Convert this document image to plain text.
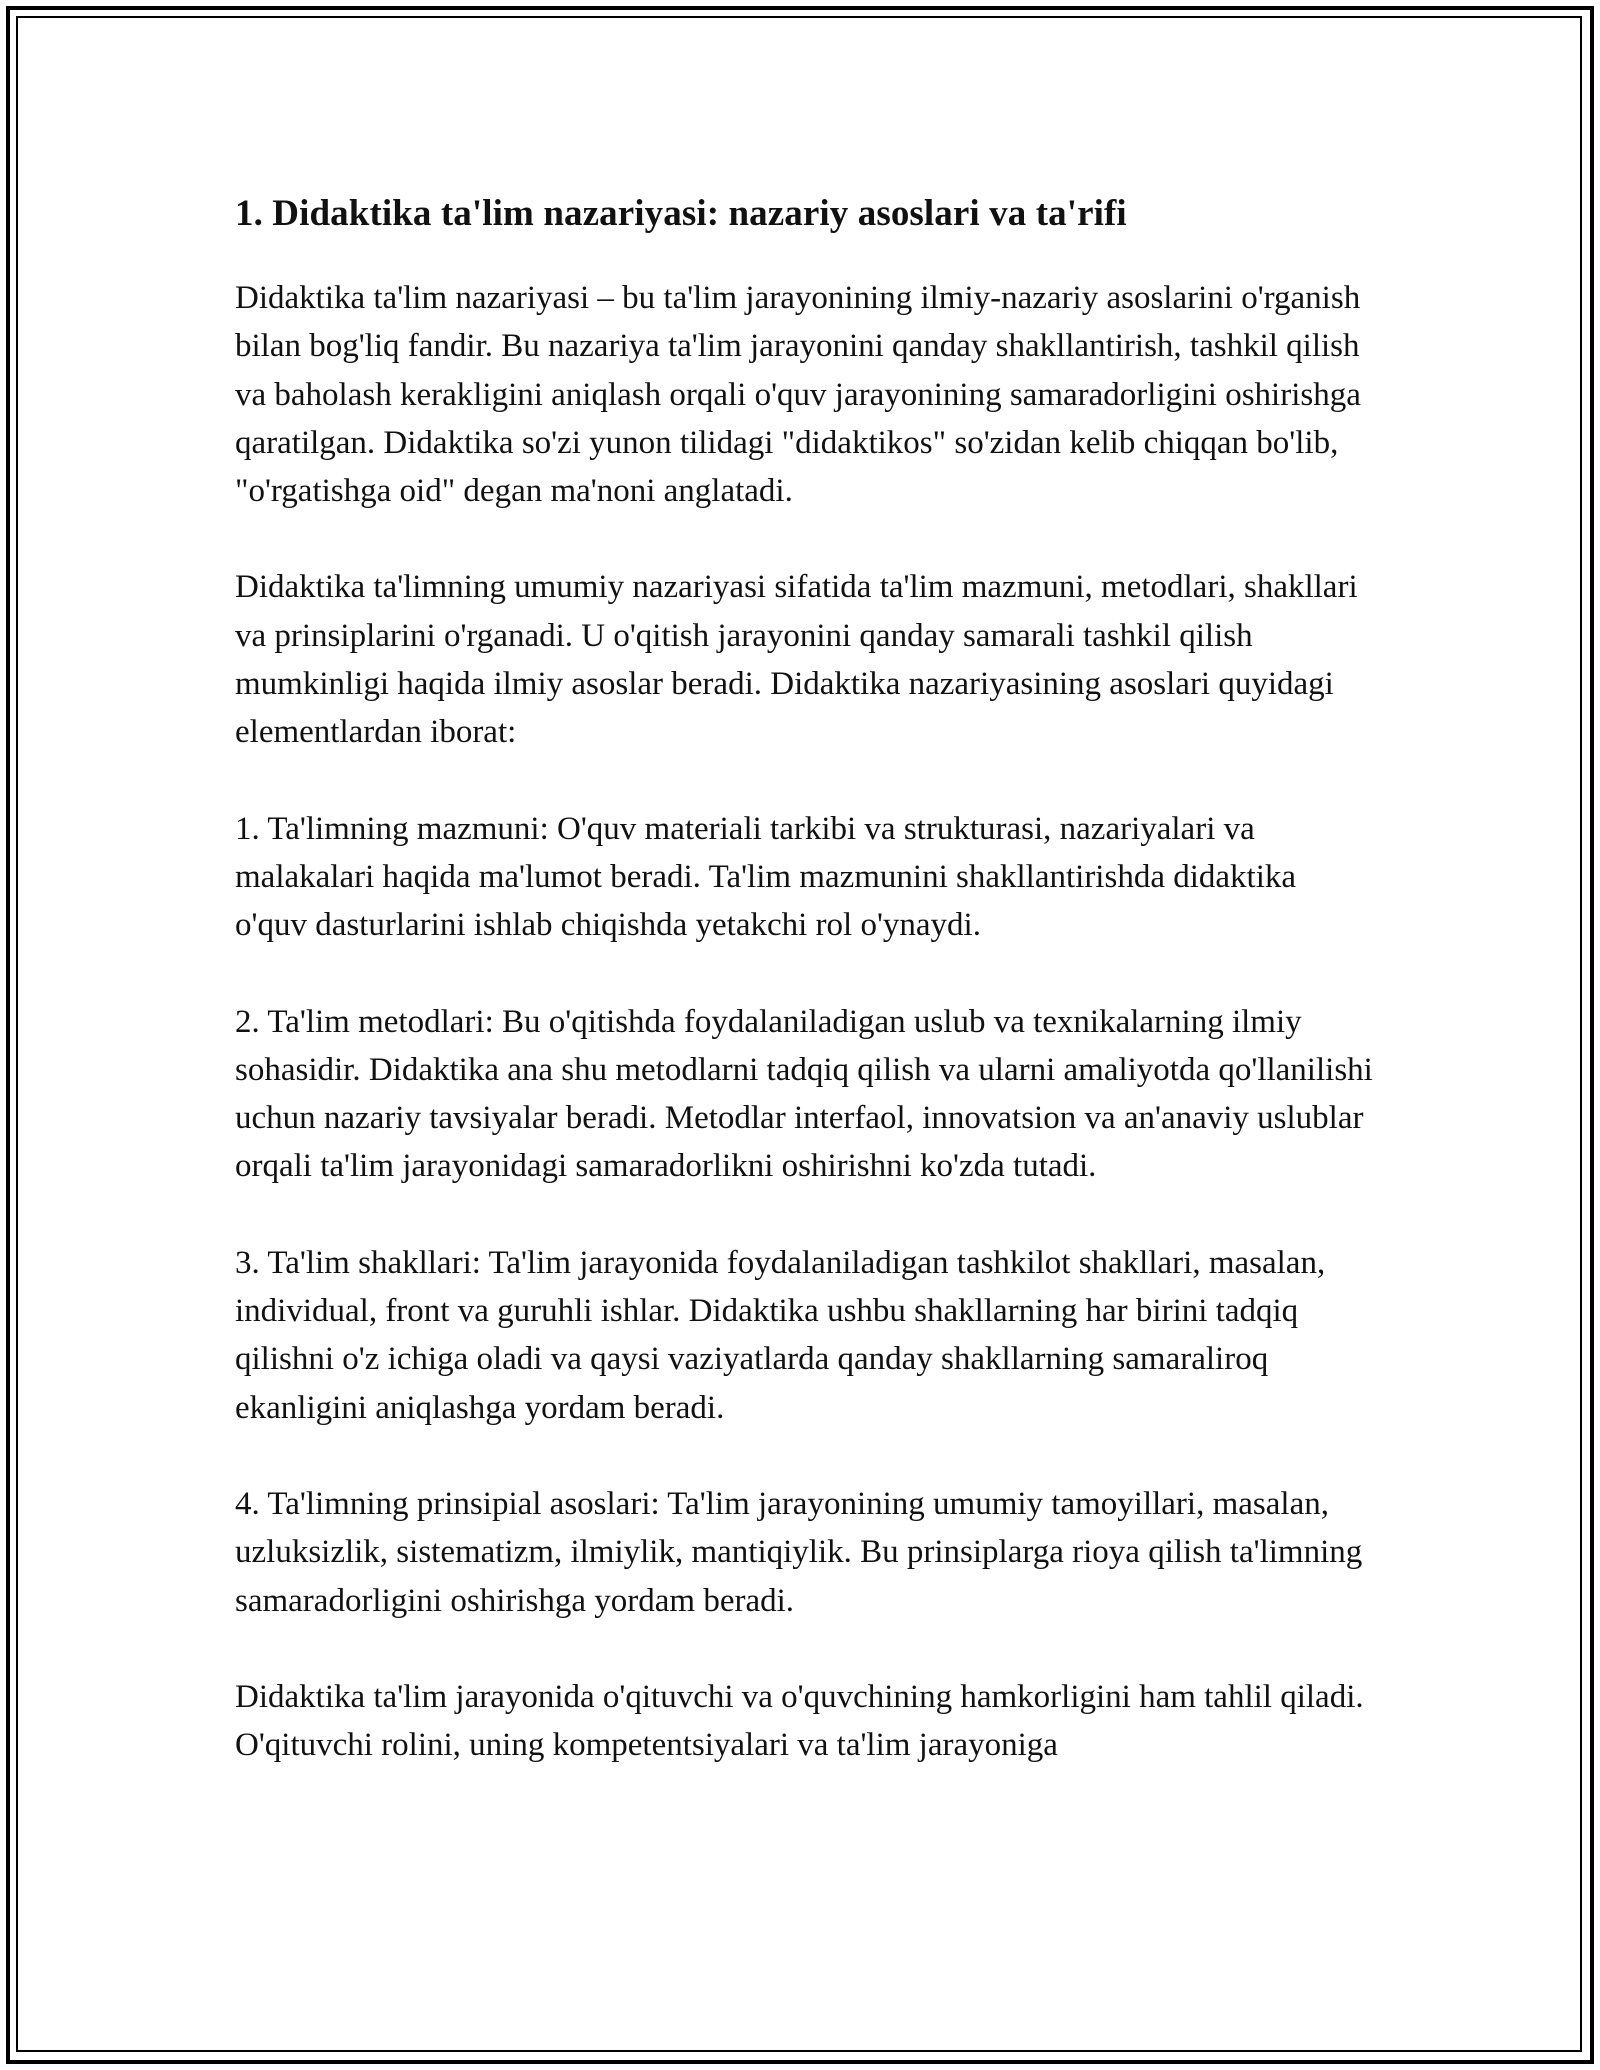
1. Didaktika ta'lim nazariyasi: nazariy asoslari va ta'rifi

Didaktika ta'lim nazariyasi – bu ta'lim jarayonining ilmiy-nazariy asoslarini o'rganish bilan bog'liq fandir. Bu nazariya ta'lim jarayonini qanday shakllantirish, tashkil qilish va baholash kerakligini aniqlash orqali o'quv jarayonining samaradorligini oshirishga qaratilgan. Didaktika so'zi yunon tilidagi "didaktikos" so'zidan kelib chiqqan bo'lib, "o'rgatishga oid" degan ma'noni anglatadi.

Didaktika ta'limning umumiy nazariyasi sifatida ta'lim mazmuni, metodlari, shakllari va prinsiplarini o'rganadi. U o'qitish jarayonini qanday samarali tashkil qilish mumkinligi haqida ilmiy asoslar beradi. Didaktika nazariyasining asoslari quyidagi elementlardan iborat:

1. Ta'limning mazmuni: O'quv materiali tarkibi va strukturasi, nazariyalari va malakalari haqida ma'lumot beradi. Ta'lim mazmunini shakllantirishda didaktika o'quv dasturlarini ishlab chiqishda yetakchi rol o'ynaydi.

2. Ta'lim metodlari: Bu o'qitishda foydalaniladigan uslub va texnikalarning ilmiy sohasidir. Didaktika ana shu metodlarni tadqiq qilish va ularni amaliyotda qo'llanilishi uchun nazariy tavsiyalar beradi. Metodlar interfaol, innovatsion va an'anaviy uslublar orqali ta'lim jarayonidagi samaradorlikni oshirishni ko'zda tutadi.

3. Ta'lim shakllari: Ta'lim jarayonida foydalaniladigan tashkilot shakllari, masalan, individual, front va guruhli ishlar. Didaktika ushbu shakllarning har birini tadqiq qilishni o'z ichiga oladi va qaysi vaziyatlarda qanday shakllarning samaraliroq ekanligini aniqlashga yordam beradi.

4. Ta'limning prinsipial asoslari: Ta'lim jarayonining umumiy tamoyillari, masalan, uzluksizlik, sistematizm, ilmiylik, mantiqiylik. Bu prinsiplarga rioya qilish ta'limning samaradorligini oshirishga yordam beradi.

Didaktika ta'lim jarayonida o'qituvchi va o'quvchining hamkorligini ham tahlil qiladi. O'qituvchi rolini, uning kompetentsiyalari va ta'lim jarayoniga
